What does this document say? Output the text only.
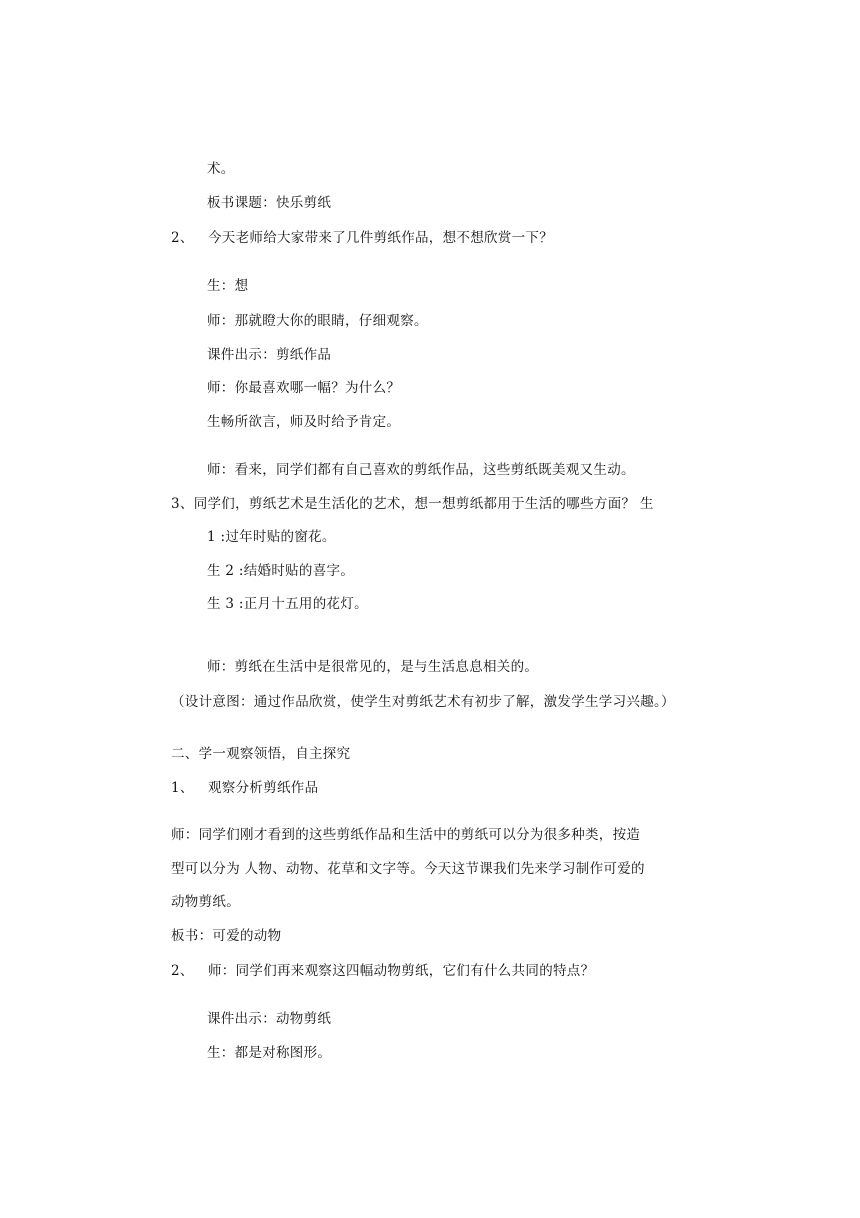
术。
板书课题：快乐剪纸
2、 今天老师给大家带来了几件剪纸作品，想不想欣赏一下？
生：想
师：那就瞪大你的眼睛，仔细观察。
课件出示：剪纸作品
师：你最喜欢哪一幅？为什么？
生畅所欲言，师及时给予肯定。
师：看来，同学们都有自己喜欢的剪纸作品，这些剪纸既美观又生动。
3、同学们，剪纸艺术是生活化的艺术，想一想剪纸都用于生活的哪些方面？ 生
1 :过年时贴的窗花。
生 2 :结婚时贴的喜字。
生 3 :正月十五用的花灯。
师：剪纸在生活中是很常见的，是与生活息息相关的。
（设计意图：通过作品欣赏，使学生对剪纸艺术有初步了解，激发学生学习兴趣。）
二、学一观察领悟，自主探究
1、 观察分析剪纸作品
师：同学们刚才看到的这些剪纸作品和生活中的剪纸可以分为很多种类，按造
型可以分为 人物、动物、花草和文字等。今天这节课我们先来学习制作可爱的
动物剪纸。
板书：可爱的动物
2、 师：同学们再来观察这四幅动物剪纸，它们有什么共同的特点？
课件出示：动物剪纸
生：都是对称图形。
